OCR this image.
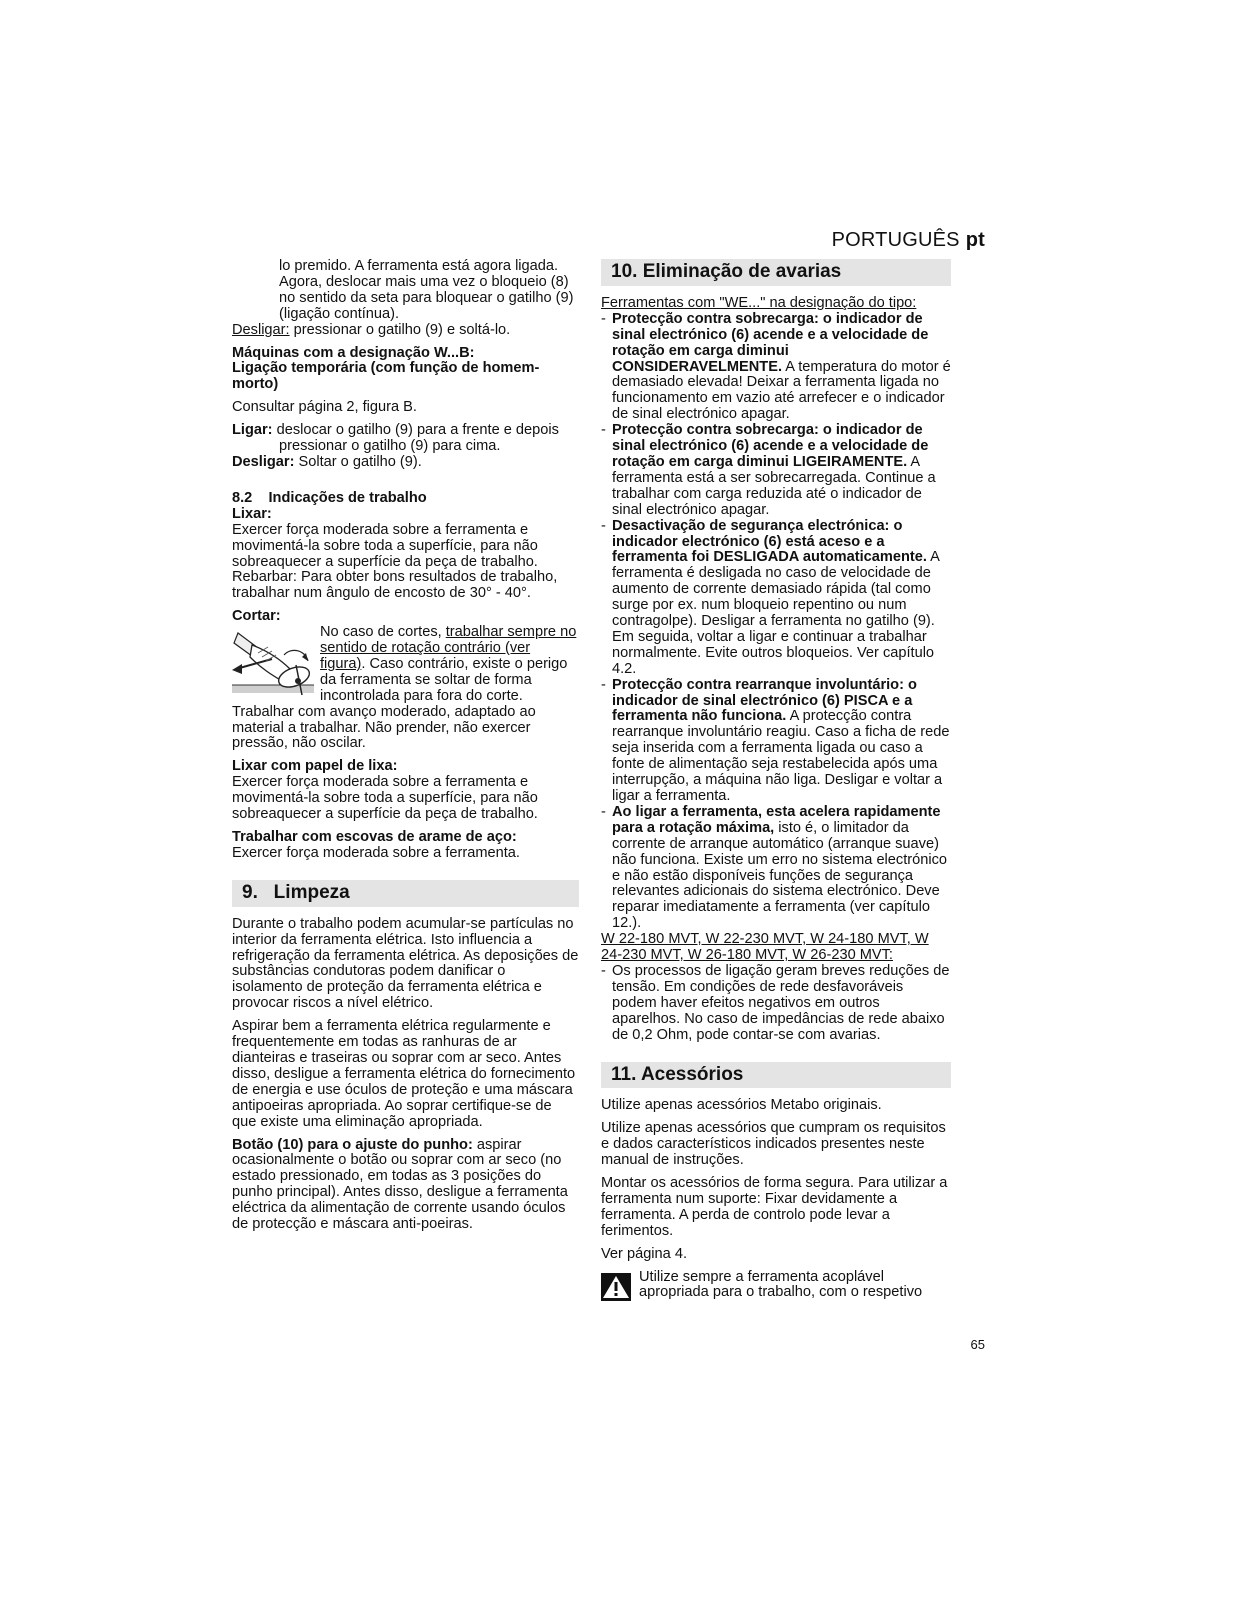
PORTUGUÊS pt

lo premido. A ferramenta está agora ligada. Agora, deslocar mais uma vez o bloqueio (8) no sentido da seta para bloquear o gatilho (9) (ligação contínua).

Desligar: pressionar o gatilho (9) e soltá-lo.

Máquinas com a designação W...B:

Ligação temporária (com função de homem-morto)

Consultar página 2, figura B.

Ligar: deslocar o gatilho (9) para a frente e depois pressionar o gatilho (9) para cima.

Desligar: Soltar o gatilho (9).

8.2    Indicações de trabalho

Lixar:

Exercer força moderada sobre a ferramenta e movimentá-la sobre toda a superfície, para não sobreaquecer a superfície da peça de trabalho.

Rebarbar: Para obter bons resultados de trabalho, trabalhar num ângulo de encosto de 30° - 40°.

Cortar:

No caso de cortes, trabalhar sempre no sentido de rotação contrário (ver figura). Caso contrário, existe o perigo da ferramenta se soltar de forma incontrolada para fora do corte.

Trabalhar com avanço moderado, adaptado ao material a trabalhar. Não prender, não exercer pressão, não oscilar.

Lixar com papel de lixa:

Exercer força moderada sobre a ferramenta e movimentá-la sobre toda a superfície, para não sobreaquecer a superfície da peça de trabalho.

Trabalhar com escovas de arame de aço:

Exercer força moderada sobre a ferramenta.

9.   Limpeza

Durante o trabalho podem acumular-se partículas no interior da ferramenta elétrica. Isto influencia a refrigeração da ferramenta elétrica. As deposições de substâncias condutoras podem danificar o isolamento de proteção da ferramenta elétrica e provocar riscos a nível elétrico.

Aspirar bem a ferramenta elétrica regularmente e frequentemente em todas as ranhuras de ar dianteiras e traseiras ou soprar com ar seco. Antes disso, desligue a ferramenta elétrica do fornecimento de energia e use óculos de proteção e uma máscara antipoeiras apropriada. Ao soprar certifique-se de que existe uma eliminação apropriada.

Botão (10) para o ajuste do punho: aspirar ocasionalmente o botão ou soprar com ar seco (no estado pressionado, em todas as 3 posições do punho principal). Antes disso, desligue a ferramenta eléctrica da alimentação de corrente usando óculos de protecção e máscara anti-poeiras.

10. Eliminação de avarias

Ferramentas com "WE..." na designação do tipo:

- Protecção contra sobrecarga: o indicador de sinal electrónico (6) acende e a velocidade de rotação em carga diminui CONSIDERAVELMENTE. A temperatura do motor é demasiado elevada! Deixar a ferramenta ligada no funcionamento em vazio até arrefecer e o indicador de sinal electrónico apagar.
- Protecção contra sobrecarga: o indicador de sinal electrónico (6) acende e a velocidade de rotação em carga diminui LIGEIRAMENTE. A ferramenta está a ser sobrecarregada. Continue a trabalhar com carga reduzida até o indicador de sinal electrónico apagar.
- Desactivação de segurança electrónica: o indicador electrónico (6) está aceso e a ferramenta foi DESLIGADA automaticamente. A ferramenta é desligada no caso de velocidade de aumento de corrente demasiado rápida (tal como surge por ex. num bloqueio repentino ou num contragolpe). Desligar a ferramenta no gatilho (9). Em seguida, voltar a ligar e continuar a trabalhar normalmente. Evite outros bloqueios. Ver capítulo 4.2.
- Protecção contra rearranque involuntário: o indicador de sinal electrónico (6) PISCA e a ferramenta não funciona. A protecção contra rearranque involuntário reagiu. Caso a ficha de rede seja inserida com a ferramenta ligada ou caso a fonte de alimentação seja restabelecida após uma interrupção, a máquina não liga. Desligar e voltar a ligar a ferramenta.
- Ao ligar a ferramenta, esta acelera rapidamente para a rotação máxima, isto é, o limitador da corrente de arranque automático (arranque suave) não funciona. Existe um erro no sistema electrónico e não estão disponíveis funções de segurança relevantes adicionais do sistema electrónico. Deve reparar imediatamente a ferramenta (ver capítulo 12.).

W 22-180 MVT, W 22-230 MVT, W 24-180 MVT, W 24-230 MVT, W 26-180 MVT, W 26-230 MVT:

- Os processos de ligação geram breves reduções de tensão. Em condições de rede desfavoráveis podem haver efeitos negativos em outros aparelhos. No caso de impedâncias de rede abaixo de 0,2 Ohm, pode contar-se com avarias.
11. Acessórios

Utilize apenas acessórios Metabo originais.

Utilize apenas acessórios que cumpram os requisitos e dados característicos indicados presentes neste manual de instruções.

Montar os acessórios de forma segura. Para utilizar a ferramenta num suporte: Fixar devidamente a ferramenta. A perda de controlo pode levar a ferimentos.

Ver página 4.

Utilize sempre a ferramenta acoplável apropriada para o trabalho, com o respetivo

65
